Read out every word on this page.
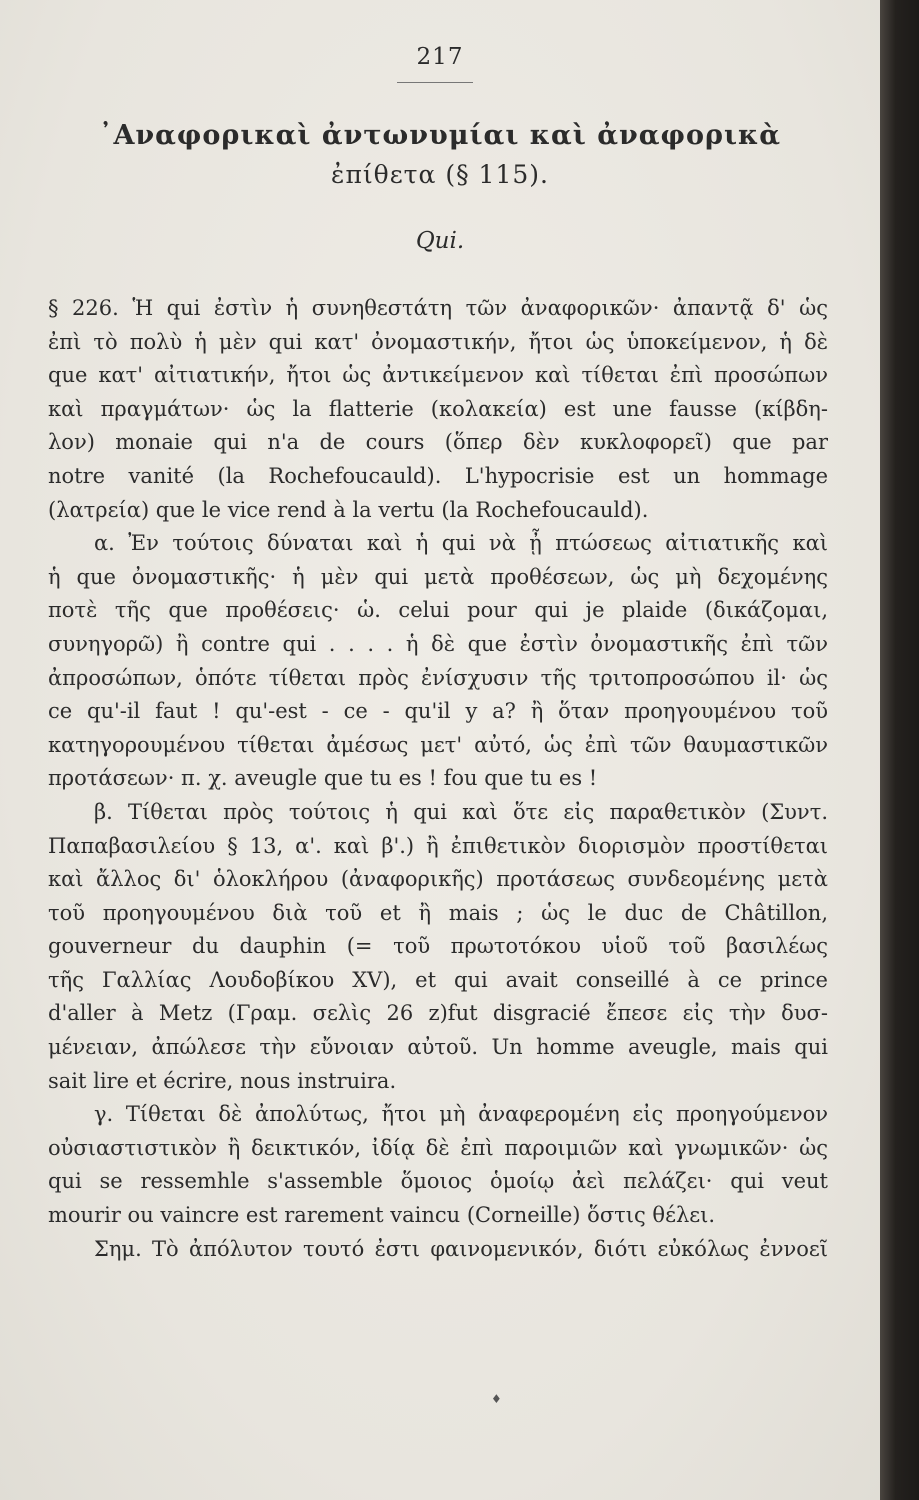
217
᾿Αναφορικαὶ ἀντωνυμίαι καὶ ἀναφορικὰ
ἐπίθετα (§ 115).
Qui.
§ 226. Ἡ qui ἐστὶν ἡ συνηθεστάτη τῶν ἀναφορικῶν· ἀπαντᾷ δ' ὡς
ἐπὶ τὸ πολὺ ἡ μὲν qui κατ' ὀνομαστικήν, ἤτοι ὡς ὑποκείμενον, ἡ δὲ
que κατ' αἰτιατικήν, ἤτοι ὡς ἀντικείμενον καὶ τίθεται ἐπὶ προσώπων
καὶ πραγμάτων· ὡς la flatterie (κολακεία) est une fausse (κίβδη-
λον) monaie qui n'a de cours (ὅπερ δὲν κυκλοφορεῖ) que par
notre vanité (la Rochefoucauld). L'hypocrisie est un hommage
(λατρεία) que le vice rend à la vertu (la Rochefoucauld).
α. Ἐν τούτοις δύναται καὶ ἡ qui νὰ ᾖ πτώσεως αἰτιατικῆς καὶ
ἡ que ὀνομαστικῆς· ἡ μὲν qui μετὰ προθέσεων, ὡς μὴ δεχομένης
ποτὲ τῆς que προθέσεις· ὡ. celui pour qui je plaide (δικάζομαι,
συνηγορῶ) ἢ contre qui . . . . ἡ δὲ que ἐστὶν ὀνομαστικῆς ἐπὶ τῶν
ἀπροσώπων, ὁπότε τίθεται πρὸς ἐνίσχυσιν τῆς τριτοπροσώπου il· ὡς
ce qu'-il faut ! qu'-est - ce - qu'il y a? ἢ ὅταν προηγουμένου τοῦ
κατηγορουμένου τίθεται ἀμέσως μετ' αὐτό, ὡς ἐπὶ τῶν θαυμαστικῶν
προτάσεων· π. χ. aveugle que tu es ! fou que tu es !
β. Τίθεται πρὸς τούτοις ἡ qui καὶ ὅτε εἰς παραθετικὸν (Συντ.
Παπαβασιλείου § 13, α'. καὶ β'.) ἢ ἐπιθετικὸν διορισμὸν προστίθεται
καὶ ἄλλος δι' ὁλοκλήρου (ἀναφορικῆς) προτάσεως συνδεομένης μετὰ
τοῦ προηγουμένου διὰ τοῦ et ἢ mais ; ὡς le duc de Châtillon,
gouverneur du dauphin (= τοῦ πρωτοτόκου υἱοῦ τοῦ βασιλέως
τῆς Γαλλίας Λουδοβίκου XV), et qui avait conseillé à ce prince
d'aller à Metz (Γραμ. σελὶς 26 z)fut disgracié ἔπεσε εἰς τὴν δυσ-
μένειαν, ἀπώλεσε τὴν εὔνοιαν αὐτοῦ. Un homme aveugle, mais qui
sait lire et écrire, nous instruira.
γ. Τίθεται δὲ ἀπολύτως, ἤτοι μὴ ἀναφερομένη εἰς προηγούμενον
οὐσιαστιστικὸν ἢ δεικτικόν, ἰδίᾳ δὲ ἐπὶ παροιμιῶν καὶ γνωμικῶν· ὡς
qui se ressemhle s'assemble ὅμοιος ὁμοίῳ ἀεὶ πελάζει· qui veut
mourir ou vaincre est rarement vaincu (Corneille) ὅστις θέλει.
Σημ. Τὸ ἀπόλυτον τουτό ἐστι φαινομενικόν, διότι εὐκόλως ἐννοεῖ
♦
